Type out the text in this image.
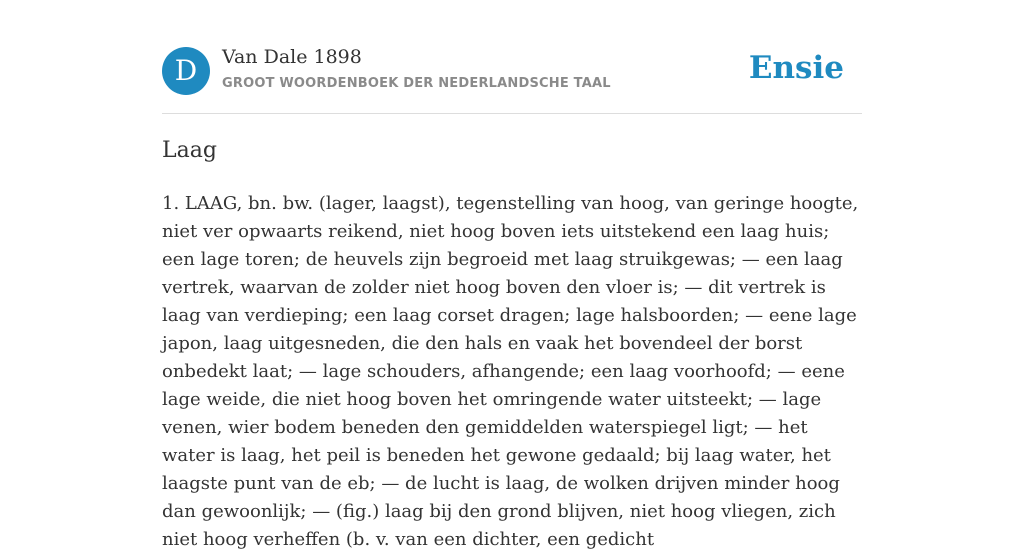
D	Van Dale 1898
GROOT WOORDENBOEK DER NEDERLANDSCHE TAAL	Ensie
Laag

1. LAAG, bn. bw. (lager, laagst), tegenstelling van hoog, van geringe hoogte, niet ver opwaarts reikend, niet hoog boven iets uitstekend een laag huis; een lage toren; de heuvels zijn begroeid met laag struikgewas; — een laag vertrek, waarvan de zolder niet hoog boven den vloer is; — dit vertrek is laag van verdieping; een laag corset dragen; lage halsboorden; — eene lage japon, laag uitgesneden, die den hals en vaak het bovendeel der borst onbedekt laat; — lage schouders, afhangende; een laag voorhoofd; — eene lage weide, die niet hoog boven het omringende water uitsteekt; — lage venen, wier bodem beneden den gemiddelden waterspiegel ligt; — het water is laag, het peil is beneden het gewone gedaald; bij laag water, het laagste punt van de eb; — de lucht is laag, de wolken drijven minder hoog dan gewoonlijk; — (fig.) laag bij den grond blijven, niet hoog vliegen, zich niet hoog verheffen (b. v. van een dichter, een gedicht
